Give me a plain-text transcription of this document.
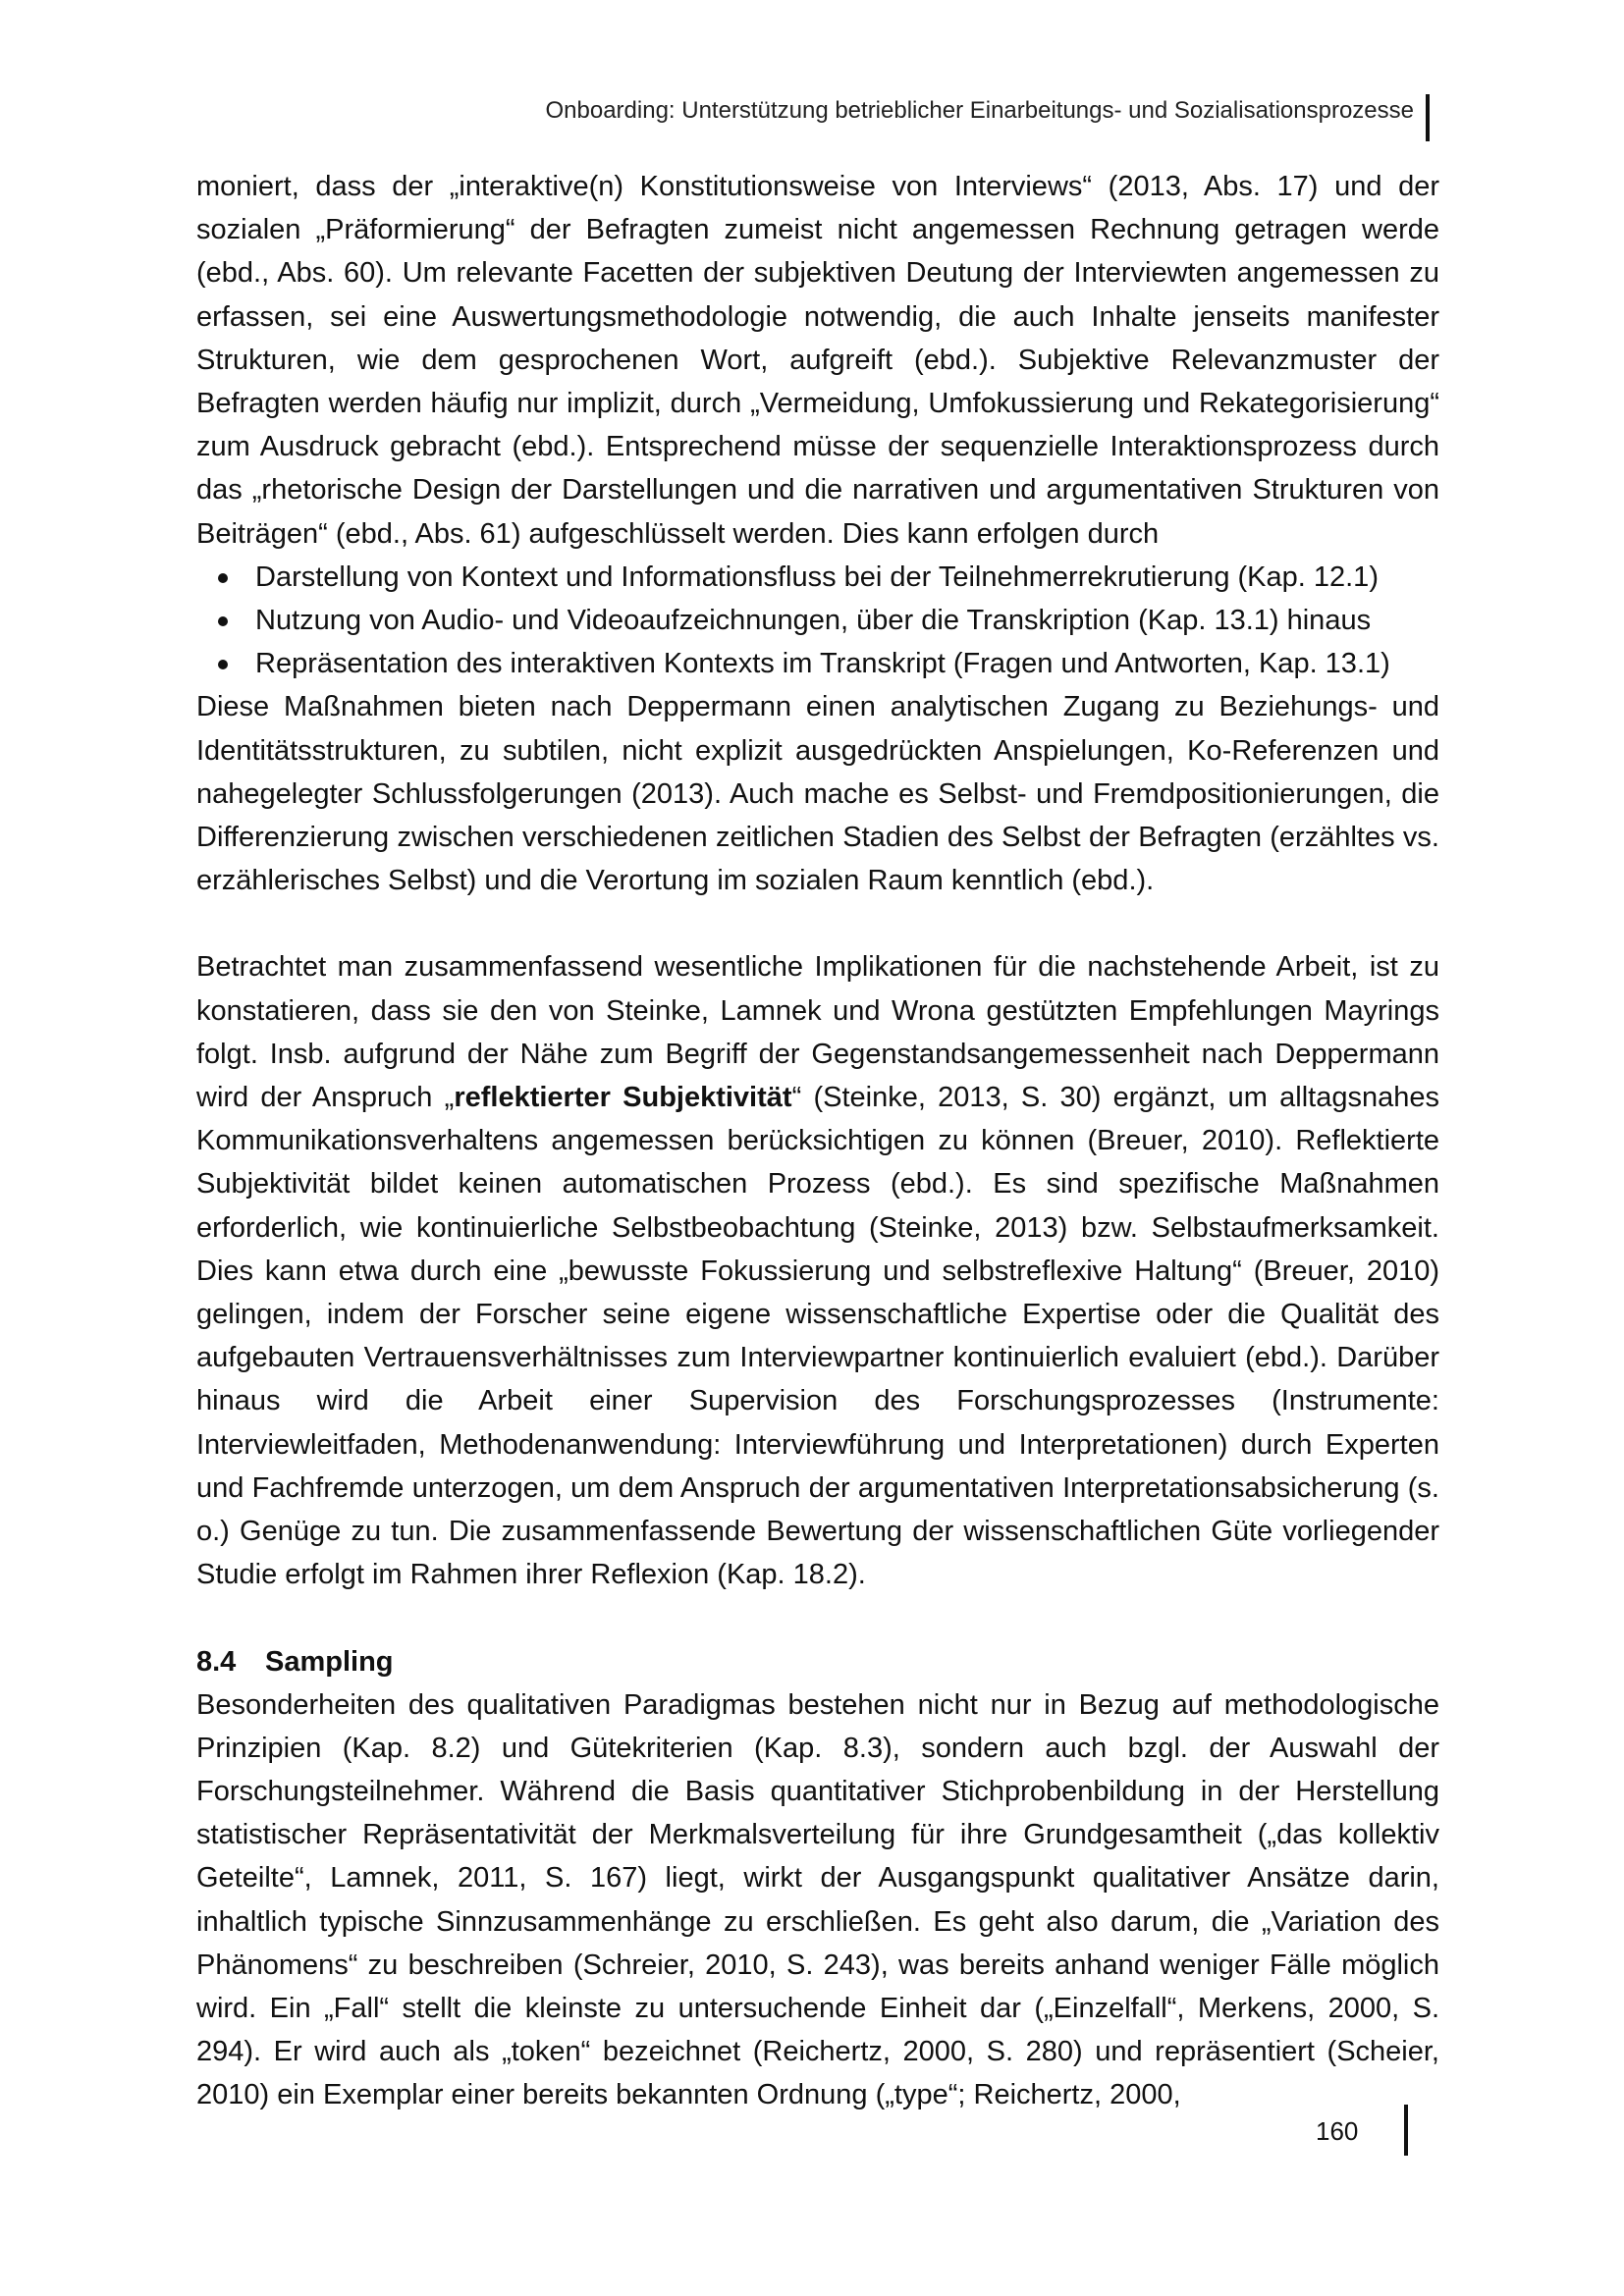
Onboarding: Unterstützung betrieblicher Einarbeitungs- und Sozialisationsprozesse

moniert, dass der „interaktive(n) Konstitutionsweise von Interviews“ (2013, Abs. 17) und der sozialen „Präformierung“ der Befragten zumeist nicht angemessen Rechnung getragen werde (ebd., Abs. 60). Um relevante Facetten der subjektiven Deutung der Interviewten angemessen zu erfassen, sei eine Auswertungsmethodologie notwendig, die auch Inhalte jenseits manifester Strukturen, wie dem gesprochenen Wort, aufgreift (ebd.). Subjektive Relevanzmuster der Befragten werden häufig nur implizit, durch „Vermeidung, Umfokussierung und Rekategorisierung“ zum Ausdruck gebracht (ebd.). Entsprechend müsse der sequenzielle Interaktionsprozess durch das „rhetorische Design der Darstellungen und die narrativen und argumentativen Strukturen von Beiträgen“ (ebd., Abs. 61) aufgeschlüsselt werden. Dies kann erfolgen durch

Darstellung von Kontext und Informationsfluss bei der Teilnehmerrekrutierung (Kap. 12.1)
Nutzung von Audio- und Videoaufzeichnungen, über die Transkription (Kap. 13.1) hinaus
Repräsentation des interaktiven Kontexts im Transkript (Fragen und Antworten, Kap. 13.1)

Diese Maßnahmen bieten nach Deppermann einen analytischen Zugang zu Beziehungs- und Identitätsstrukturen, zu subtilen, nicht explizit ausgedrückten Anspielungen, Ko-Referenzen und nahegelegter Schlussfolgerungen (2013). Auch mache es Selbst- und Fremdpositionierungen, die Differenzierung zwischen verschiedenen zeitlichen Stadien des Selbst der Befragten (erzähltes vs. erzählerisches Selbst) und die Verortung im sozialen Raum kenntlich (ebd.).

Betrachtet man zusammenfassend wesentliche Implikationen für die nachstehende Arbeit, ist zu konstatieren, dass sie den von Steinke, Lamnek und Wrona gestützten Empfehlungen Mayrings folgt. Insb. aufgrund der Nähe zum Begriff der Gegenstandsangemessenheit nach Deppermann wird der Anspruch „reflektierter Subjektivität“ (Steinke, 2013, S. 30) ergänzt, um alltagsnahes Kommunikationsverhaltens angemessen berücksichtigen zu können (Breuer, 2010). Reflektierte Subjektivität bildet keinen automatischen Prozess (ebd.). Es sind spezifische Maßnahmen erforderlich, wie kontinuierliche Selbstbeobachtung (Steinke, 2013) bzw. Selbstaufmerksamkeit. Dies kann etwa durch eine „bewusste Fokussierung und selbstreflexive Haltung“ (Breuer, 2010) gelingen, indem der Forscher seine eigene wissenschaftliche Expertise oder die Qualität des aufgebauten Vertrauensverhältnisses zum Interviewpartner kontinuierlich evaluiert (ebd.). Darüber hinaus wird die Arbeit einer Supervision des Forschungsprozesses (Instrumente: Interviewleitfaden, Methodenanwendung: Interviewführung und Interpretationen) durch Experten und Fachfremde unterzogen, um dem Anspruch der argumentativen Interpretationsabsicherung (s. o.) Genüge zu tun. Die zusammenfassende Bewertung der wissenschaftlichen Güte vorliegender Studie erfolgt im Rahmen ihrer Reflexion (Kap. 18.2).

8.4 Sampling

Besonderheiten des qualitativen Paradigmas bestehen nicht nur in Bezug auf methodologische Prinzipien (Kap. 8.2) und Gütekriterien (Kap. 8.3), sondern auch bzgl. der Auswahl der Forschungsteilnehmer. Während die Basis quantitativer Stichprobenbildung in der Herstellung statistischer Repräsentativität der Merkmalsverteilung für ihre Grundgesamtheit („das kollektiv Geteilte“, Lamnek, 2011, S. 167) liegt, wirkt der Ausgangspunkt qualitativer Ansätze darin, inhaltlich typische Sinnzusammenhänge zu erschließen. Es geht also darum, die „Variation des Phänomens“ zu beschreiben (Schreier, 2010, S. 243), was bereits anhand weniger Fälle möglich wird. Ein „Fall“ stellt die kleinste zu untersuchende Einheit dar („Einzelfall“, Merkens, 2000, S. 294). Er wird auch als „token“ bezeichnet (Reichertz, 2000, S. 280) und repräsentiert (Scheier, 2010) ein Exemplar einer bereits bekannten Ordnung („type“; Reichertz, 2000,

160
